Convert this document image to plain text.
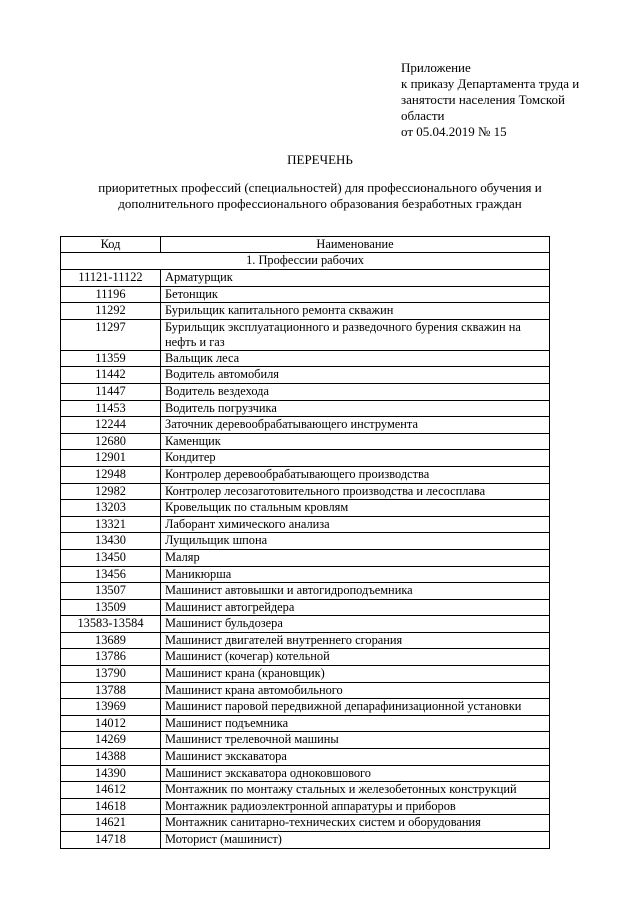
Приложение
к приказу Департамента труда и
занятости населения Томской
области
от 05.04.2019 № 15
ПЕРЕЧЕНЬ
приоритетных профессий (специальностей) для профессионального обучения и
дополнительного профессионального образования безработных граждан
Код	Наименование
1. Профессии рабочих	
11121-11122	Арматурщик
11196	Бетонщик
11292	Бурильщик капитального ремонта скважин
11297	Бурильщик эксплуатационного и разведочного бурения скважин на нефть и газ
11359	Вальщик леса
11442	Водитель автомобиля
11447	Водитель вездехода
11453	Водитель погрузчика
12244	Заточник деревообрабатывающего инструмента
12680	Каменщик
12901	Кондитер
12948	Контролер деревообрабатывающего производства
12982	Контролер лесозаготовительного производства и лесосплава
13203	Кровельщик по стальным кровлям
13321	Лаборант химического анализа
13430	Лущильщик шпона
13450	Маляр
13456	Маникюрша
13507	Машинист автовышки и автогидроподъемника
13509	Машинист автогрейдера
13583-13584	Машинист бульдозера
13689	Машинист двигателей внутреннего сгорания
13786	Машинист (кочегар) котельной
13790	Машинист крана (крановщик)
13788	Машинист крана автомобильного
13969	Машинист паровой передвижной депарафинизационной установки
14012	Машинист подъемника
14269	Машинист трелевочной машины
14388	Машинист экскаватора
14390	Машинист экскаватора одноковшового
14612	Монтажник по монтажу стальных и железобетонных конструкций
14618	Монтажник радиоэлектронной аппаратуры и приборов
14621	Монтажник санитарно-технических систем и оборудования
14718	Моторист (машинист)
